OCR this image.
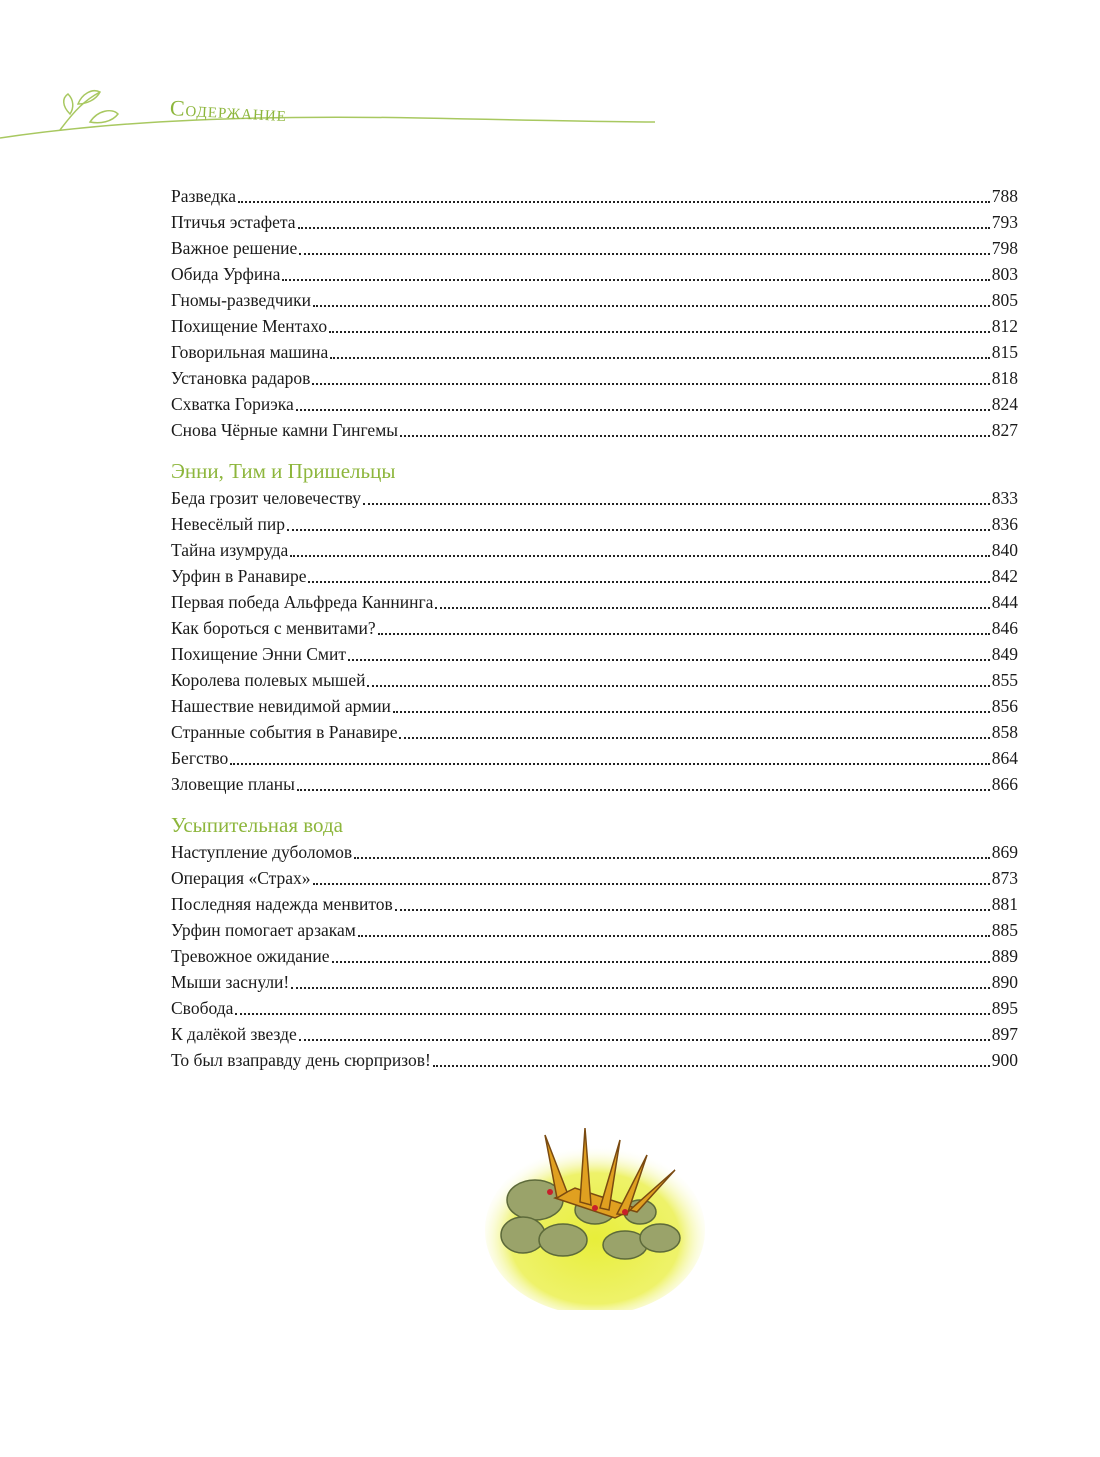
Содержание
Разведка	788
Птичья эстафета	793
Важное решение	798
Обида Урфина	803
Гномы-разведчики	805
Похищение Ментахо	812
Говорильная машина	815
Установка радаров	818
Схватка Гориэка	824
Снова Чёрные камни Гингемы	827
Энни, Тим и Пришельцы
Беда грозит человечеству	833
Невесёлый пир	836
Тайна изумруда	840
Урфин в Ранавире	842
Первая победа Альфреда Каннинга	844
Как бороться с менвитами?	846
Похищение Энни Смит	849
Королева полевых мышей	855
Нашествие невидимой армии	856
Странные события в Ранавире	858
Бегство	864
Зловещие планы	866
Усыпительная вода
Наступление дуболомов	869
Операция «Страх»	873
Последняя надежда менвитов	881
Урфин помогает арзакам	885
Тревожное ожидание	889
Мыши заснули!	890
Свобода	895
К далёкой звезде	897
То был взаправду день сюрпризов!	900
